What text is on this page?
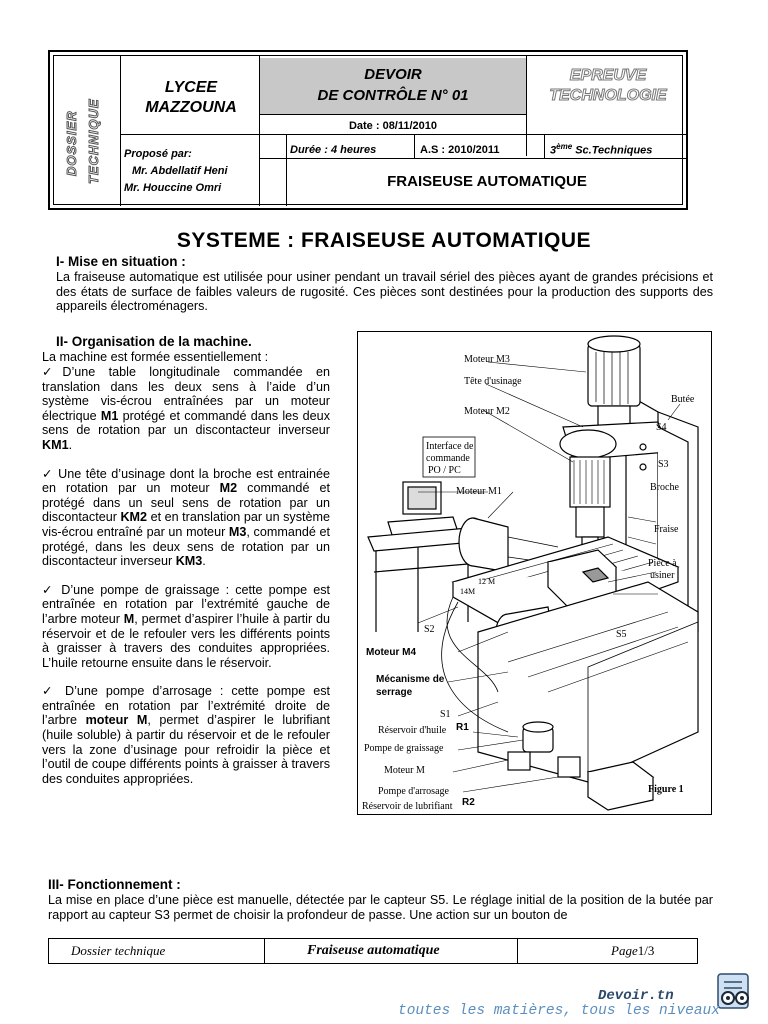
DOSSIER TECHNIQUE
LYCEE
MAZZOUNA
DEVOIR
DE CONTRÔLE N° 01
Date : 08/11/2010
EPREUVE
TECHNOLOGIE
Proposé par:
Mr. Abdellatif Heni
Mr. Houccine Omri
Durée : 4 heures	A.S : 2010/2011	3ème Sc.Techniques
FRAISEUSE AUTOMATIQUE
SYSTEME : FRAISEUSE AUTOMATIQUE
I- Mise en situation :
La fraiseuse automatique est utilisée pour usiner pendant un travail sériel des pièces ayant de grandes précisions et des états de surface de faibles valeurs de rugosité. Ces pièces sont destinées pour la production des supports des appareils électroménagers.
II- Organisation de la machine.
La machine est formée essentiellement :

✓D’une table longitudinale commandée en translation dans les deux sens à l’aide d’un système vis-écrou entraînées par un moteur électrique M1 protégé et commandé dans les deux sens de rotation par un discontacteur inverseur KM1.

✓ Une tête d’usinage dont la broche est entrainée en rotation par un moteur M2 commandé et protégé dans un seul sens de rotation par un discontacteur KM2 et en translation par un système vis-écrou entraîné par un moteur M3, commandé et protégé, dans les deux sens de rotation par un discontacteur inverseur KM3.

✓ D’une pompe de graissage : cette pompe est entraînée en rotation par l’extrémité gauche de l’arbre moteur M, permet d’aspirer l’huile à partir du réservoir et de le refouler vers les différents points à graisser à travers des conduites appropriées. L’huile retourne ensuite dans le réservoir.

✓ D’une pompe d’arrosage : cette pompe est entraînée en rotation par l’extrémité droite de l’arbre moteur M, permet d’aspirer le lubrifiant (huile soluble) à partir du réservoir et de le refouler vers la zone d’usinage pour refroidir la pièce et l’outil de coupe différents points à graisser à travers des conduites appropriées.

Moteur M3
Tête d'usinage
Moteur M2
Butée
S4
S3
Interface de
commande
PO / PC
Moteur M1	Broche
Fraise
Pièce à
usiner
12 M
14M
S2	S5
Moteur M4
Mécanisme de
serrage
S1
Réservoir d'huile R1
Pompe de graissage
Moteur M
Pompe d'arrosage
Réservoir de lubrifiant R2
Figure 1
III- Fonctionnement :
La mise en place d’une pièce est manuelle, détectée par le capteur S5. Le réglage initial de la position de la butée par rapport au capteur S3 permet de choisir la profondeur de passe. Une action sur un bouton de
Dossier technique	Fraiseuse automatique	Page1/3
Devoir.tn
toutes les matières, tous les niveaux
